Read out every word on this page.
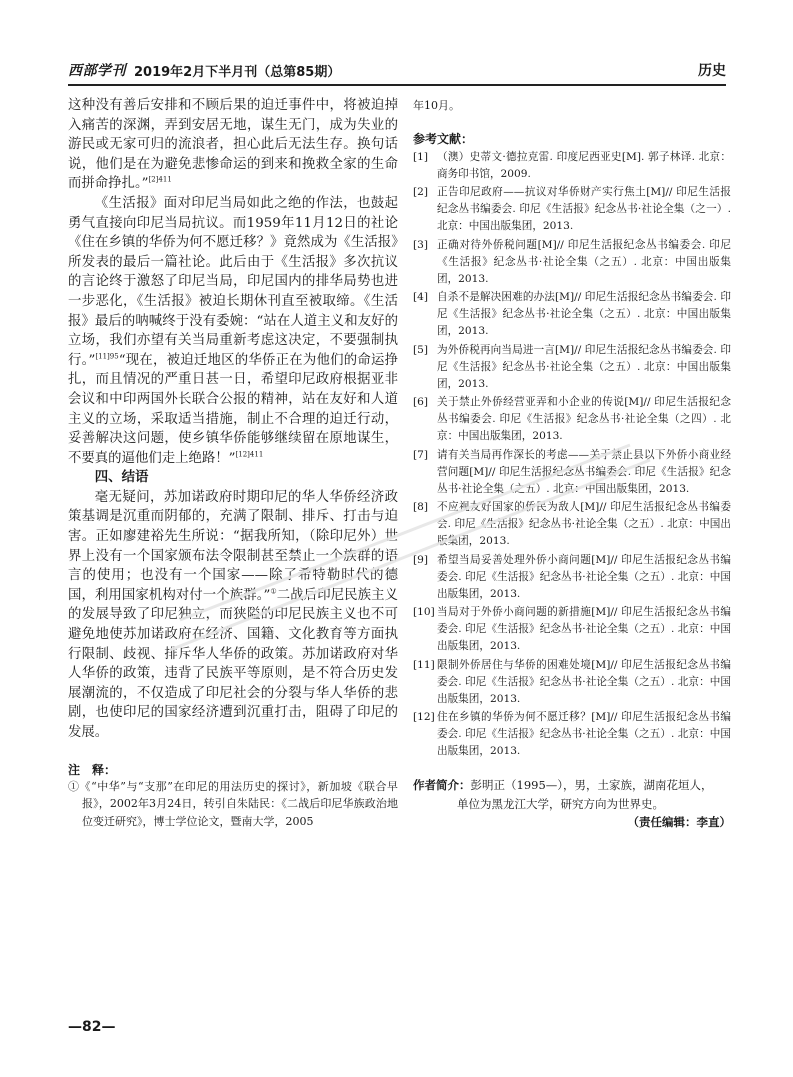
西部学刊 2019年2月下半月刊（总第85期）	历史

这种没有善后安排和不顾后果的迫迁事件中，将被迫掉入痛苦的深渊，弄到安居无地，谋生无门，成为失业的游民或无家可归的流浪者，担心此后无法生存。换句话说，他们是在为避免悲惨命运的到来和挽救全家的生命而拼命挣扎。”$^{[2]411}$

《生活报》面对印尼当局如此之绝的作法，也鼓起勇气直接向印尼当局抗议。而1959年11月12日的社论《住在乡镇的华侨为何不愿迁移？》竟然成为《生活报》所发表的最后一篇社论。此后由于《生活报》多次抗议的言论终于激怒了印尼当局，印尼国内的排华局势也进一步恶化，《生活报》被迫长期休刊直至被取缔。《生活报》最后的呐喊终于没有委婉：“站在人道主义和友好的立场，我们亦望有关当局重新考虑这决定，不要强制执行。”$^{[11]95}$“现在，被迫迁地区的华侨正在为他们的命运挣扎，而且情况的严重日甚一日，希望印尼政府根据亚非会议和中印两国外长联合公报的精神，站在友好和人道主义的立场，采取适当措施，制止不合理的迫迁行动，妥善解决这问题，使乡镇华侨能够继续留在原地谋生，不要真的逼他们走上绝路！”$^{[12]411}$

四、结语

毫无疑问，苏加诺政府时期印尼的华人华侨经济政策基调是沉重而阴郁的，充满了限制、排斥、打击与迫害。正如廖建裕先生所说：“据我所知，（除印尼外）世界上没有一个国家颁布法令限制甚至禁止一个族群的语言的使用；也没有一个国家——除了希特勒时代的德国，利用国家机构对付一个族群。”①二战后印尼民族主义的发展导致了印尼独立，而狭隘的印尼民族主义也不可避免地使苏加诺政府在经济、国籍、文化教育等方面执行限制、歧视、排斥华人华侨的政策。苏加诺政府对华人华侨的政策，违背了民族平等原则，是不符合历史发展潮流的，不仅造成了印尼社会的分裂与华人华侨的悲剧，也使印尼的国家经济遭到沉重打击，阻碍了印尼的发展。

注　释：
①《“中华”与“支那”在印尼的用法历史的探讨》，新加坡《联合早报》，2002年3月24日，转引自朱陆民：《二战后印尼华族政治地位变迁研究》，博士学位论文，暨南大学，2005

年10月。

参考文献：
[1] （澳）史蒂文·德拉克雷. 印度尼西亚史[M]. 郭子林译. 北京：商务印书馆，2009.
[2] 正告印尼政府——抗议对华侨财产实行焦土[M]// 印尼生活报纪念丛书编委会. 印尼《生活报》纪念丛书·社论全集（之一）. 北京：中国出版集团，2013.
[3] 正确对待外侨税问题[M]// 印尼生活报纪念丛书编委会. 印尼《生活报》纪念丛书·社论全集（之五）. 北京：中国出版集团，2013.
[4] 自杀不是解决困难的办法[M]// 印尼生活报纪念丛书编委会. 印尼《生活报》纪念丛书·社论全集（之五）. 北京：中国出版集团，2013.
[5] 为外侨税再向当局进一言[M]// 印尼生活报纪念丛书编委会. 印尼《生活报》纪念丛书·社论全集（之五）. 北京：中国出版集团，2013.
[6] 关于禁止外侨经营亚弄和小企业的传说[M]// 印尼生活报纪念丛书编委会. 印尼《生活报》纪念丛书·社论全集（之四）. 北京：中国出版集团，2013.
[7] 请有关当局再作深长的考虑——关于禁止县以下外侨小商业经营问题[M]// 印尼生活报纪念丛书编委会. 印尼《生活报》纪念丛书·社论全集（之五）. 北京：中国出版集团，2013.
[8] 不应视友好国家的侨民为敌人[M]// 印尼生活报纪念丛书编委会. 印尼《生活报》纪念丛书·社论全集（之五）. 北京：中国出版集团，2013.
[9] 希望当局妥善处理外侨小商问题[M]// 印尼生活报纪念丛书编委会. 印尼《生活报》纪念丛书·社论全集（之五）. 北京：中国出版集团，2013.
[10] 当局对于外侨小商问题的新措施[M]// 印尼生活报纪念丛书编委会. 印尼《生活报》纪念丛书·社论全集（之五）. 北京：中国出版集团，2013.
[11] 限制外侨居住与华侨的困难处境[M]// 印尼生活报纪念丛书编委会. 印尼《生活报》纪念丛书·社论全集（之五）. 北京：中国出版集团，2013.
[12] 住在乡镇的华侨为何不愿迁移？[M]// 印尼生活报纪念丛书编委会. 印尼《生活报》纪念丛书·社论全集（之五）. 北京：中国出版集团，2013.
作者简介：彭明正（1995—），男，土家族，湖南花垣人，
单位为黑龙江大学，研究方向为世界史。
（责任编辑：李直）
—82—
